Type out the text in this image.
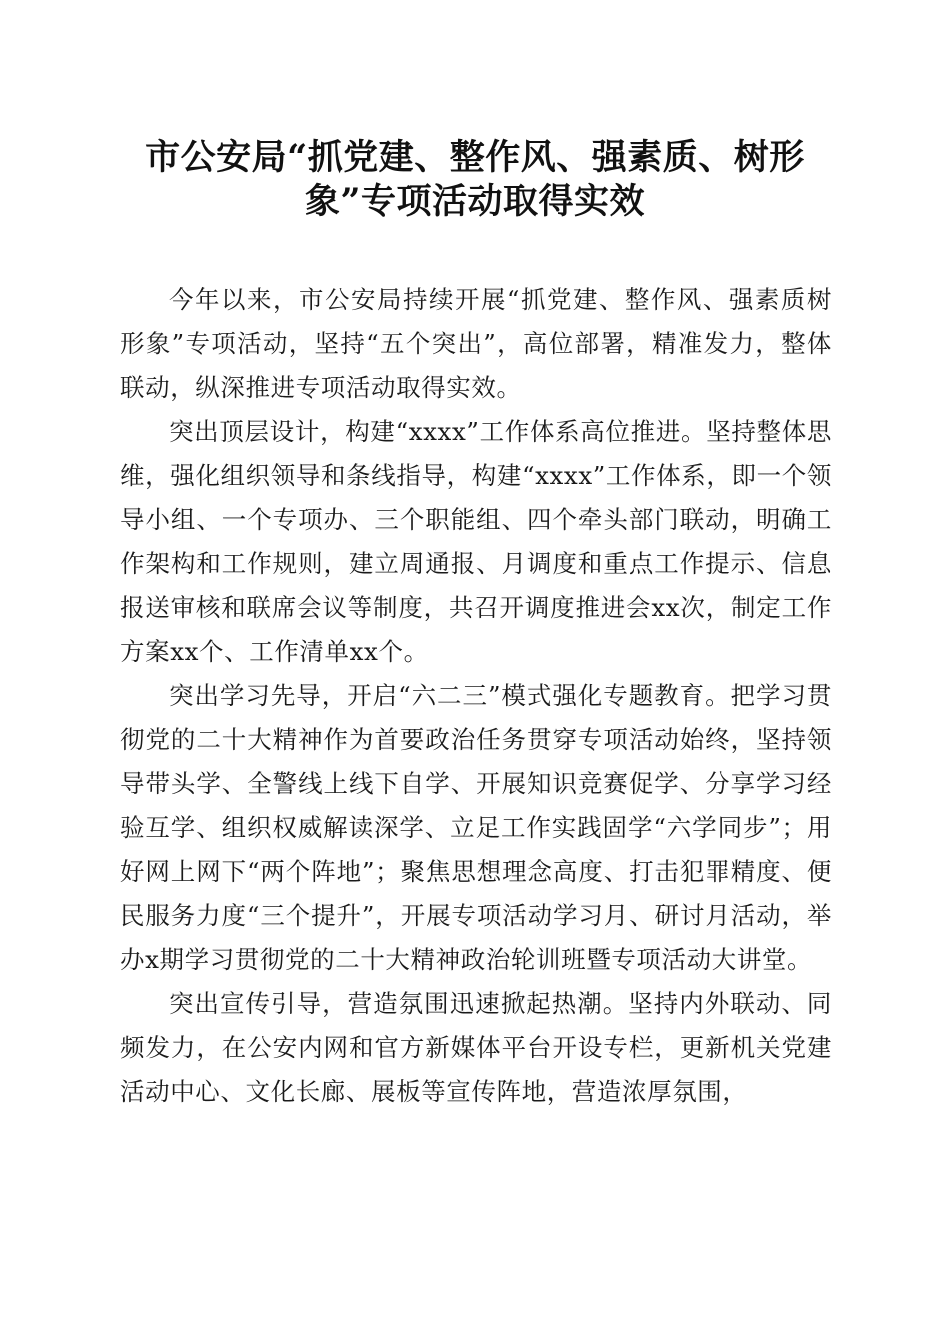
市公安局“抓党建、整作风、强素质、树形
象”专项活动取得实效

今年以来，市公安局持续开展“抓党建、整作风、强素质树形象”专项活动，坚持“五个突出”，高位部署，精准发力，整体联动，纵深推进专项活动取得实效。

突出顶层设计，构建“xxxx”工作体系高位推进。坚持整体思维，强化组织领导和条线指导，构建“xxxx”工作体系，即一个领导小组、一个专项办、三个职能组、四个牵头部门联动，明确工作架构和工作规则，建立周通报、月调度和重点工作提示、信息报送审核和联席会议等制度，共召开调度推进会xx次，制定工作方案xx个、工作清单xx个。

突出学习先导，开启“六二三”模式强化专题教育。把学习贯彻党的二十大精神作为首要政治任务贯穿专项活动始终，坚持领导带头学、全警线上线下自学、开展知识竞赛促学、分享学习经验互学、组织权威解读深学、立足工作实践固学“六学同步”；用好网上网下“两个阵地”；聚焦思想理念高度、打击犯罪精度、便民服务力度“三个提升”，开展专项活动学习月、研讨月活动，举办x期学习贯彻党的二十大精神政治轮训班暨专项活动大讲堂。

突出宣传引导，营造氛围迅速掀起热潮。坚持内外联动、同频发力，在公安内网和官方新媒体平台开设专栏，更新机关党建活动中心、文化长廊、展板等宣传阵地，营造浓厚氛围，
